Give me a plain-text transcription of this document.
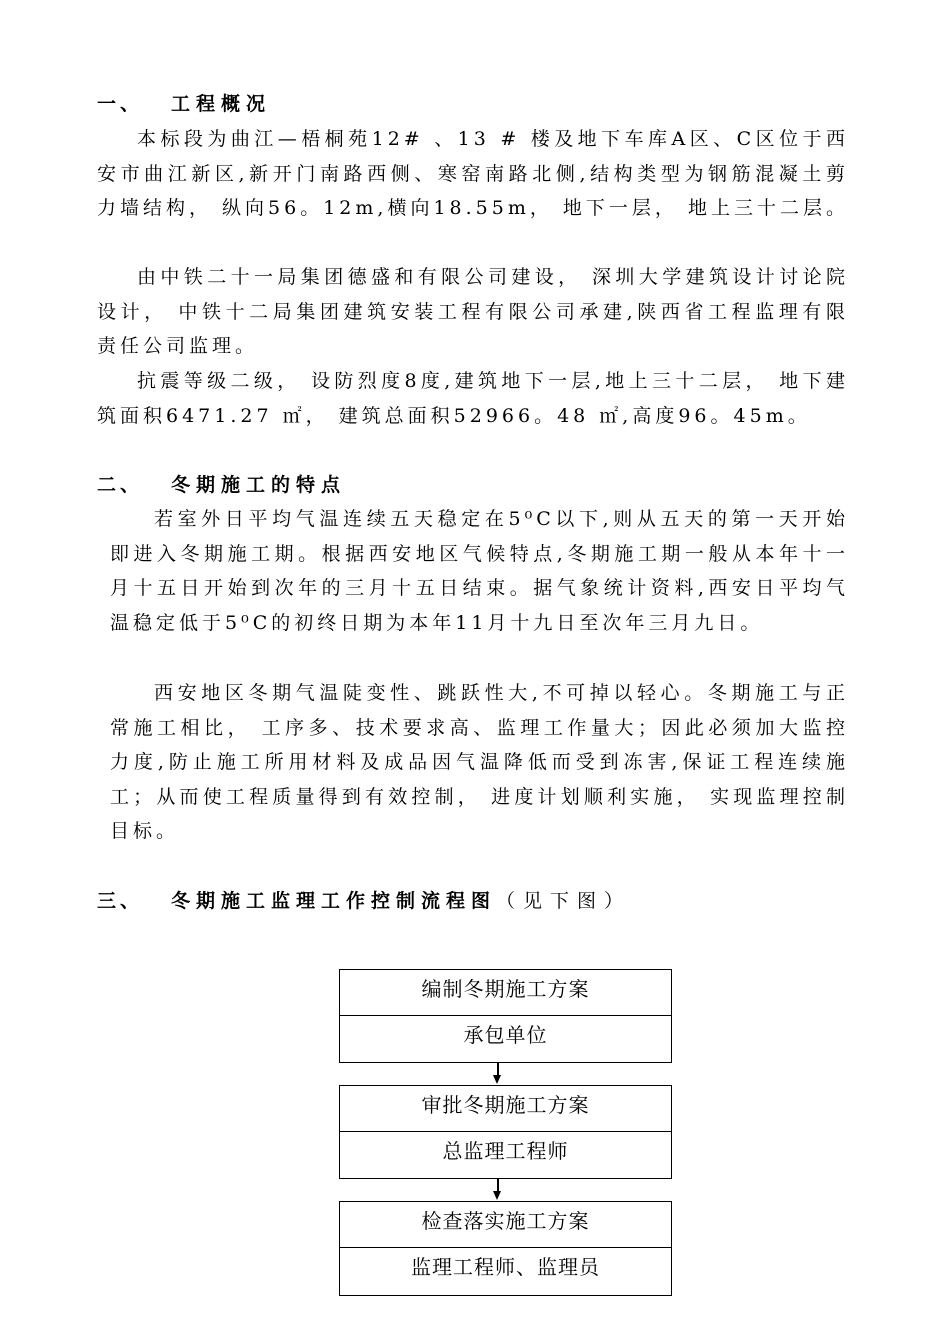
一、 工程概况
本标段为曲江—梧桐苑12# 、13 # 楼及地下车库A区、C区位于西安市曲江新区,新开门南路西侧、寒窑南路北侧,结构类型为钢筋混凝土剪力墙结构， 纵向56。12m,横向18.55m， 地下一层， 地上三十二层。
由中铁二十一局集团德盛和有限公司建设， 深圳大学建筑设计讨论院设计， 中铁十二局集团建筑安装工程有限公司承建,陕西省工程监理有限责任公司监理。
抗震等级二级， 设防烈度8度,建筑地下一层,地上三十二层， 地下建筑面积6471.27 ㎡， 建筑总面积52966。48 ㎡,高度96。45m。
二、 冬期施工的特点
若室外日平均气温连续五天稳定在5⁰C以下,则从五天的第一天开始即进入冬期施工期。根据西安地区气候特点,冬期施工期一般从本年十一月十五日开始到次年的三月十五日结束。据气象统计资料,西安日平均气温稳定低于5⁰C的初终日期为本年11月十九日至次年三月九日。
西安地区冬期气温陡变性、跳跃性大,不可掉以轻心。冬期施工与正常施工相比， 工序多、技术要求高、监理工作量大；因此必须加大监控力度,防止施工所用材料及成品因气温降低而受到冻害,保证工程连续施工；从而使工程质量得到有效控制， 进度计划顺利实施， 实现监理控制目标。
三、 冬期施工监理工作控制流程图（见下图）
编制冬期施工方案
承包单位
审批冬期施工方案
总监理工程师
检查落实施工方案
监理工程师、监理员
